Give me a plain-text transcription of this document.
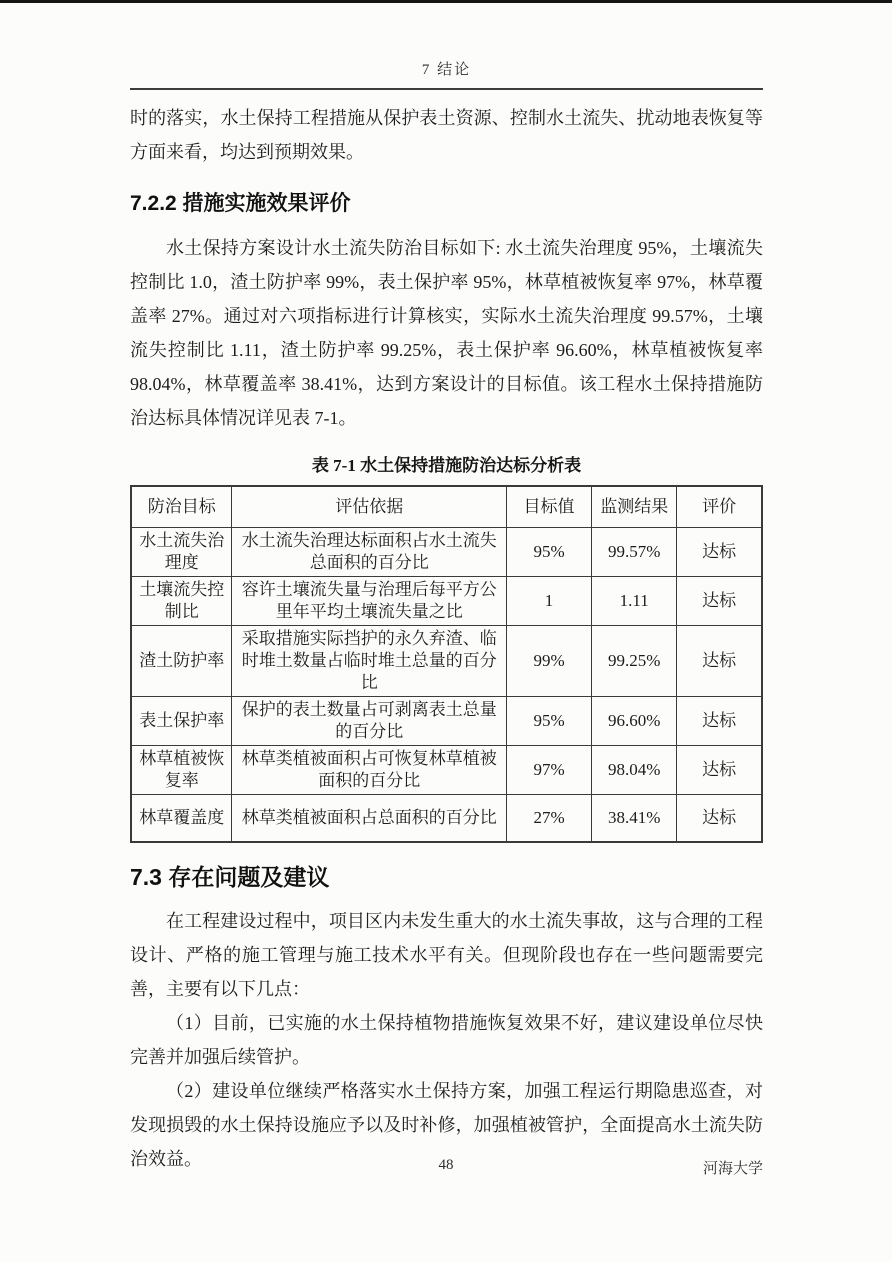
7 结论

时的落实，水土保持工程措施从保护表土资源、控制水土流失、扰动地表恢复等方面来看，均达到预期效果。

7.2.2 措施实施效果评价

水土保持方案设计水土流失防治目标如下: 水土流失治理度 95%，土壤流失控制比 1.0，渣土防护率 99%，表土保护率 95%，林草植被恢复率 97%，林草覆盖率 27%。通过对六项指标进行计算核实，实际水土流失治理度 99.57%，土壤流失控制比 1.11，渣土防护率 99.25%，表土保护率 96.60%，林草植被恢复率 98.04%，林草覆盖率 38.41%，达到方案设计的目标值。该工程水土保持措施防治达标具体情况详见表 7-1。

表 7-1 水土保持措施防治达标分析表
防治目标	评估依据	目标值	监测结果	评价
水土流失治理度	水土流失治理达标面积占水土流失总面积的百分比	95%	99.57%	达标
土壤流失控制比	容许土壤流失量与治理后每平方公里年平均土壤流失量之比	1	1.11	达标
渣土防护率	采取措施实际挡护的永久弃渣、临时堆土数量占临时堆土总量的百分比	99%	99.25%	达标
表土保护率	保护的表土数量占可剥离表土总量的百分比	95%	96.60%	达标
林草植被恢复率	林草类植被面积占可恢复林草植被面积的百分比	97%	98.04%	达标
林草覆盖度	林草类植被面积占总面积的百分比	27%	38.41%	达标
7.3 存在问题及建议

在工程建设过程中，项目区内未发生重大的水土流失事故，这与合理的工程设计、严格的施工管理与施工技术水平有关。但现阶段也存在一些问题需要完善，主要有以下几点：

（1）目前，已实施的水土保持植物措施恢复效果不好，建议建设单位尽快完善并加强后续管护。

（2）建设单位继续严格落实水土保持方案，加强工程运行期隐患巡查，对发现损毁的水土保持设施应予以及时补修，加强植被管护，全面提高水土流失防治效益。	48	河海大学
